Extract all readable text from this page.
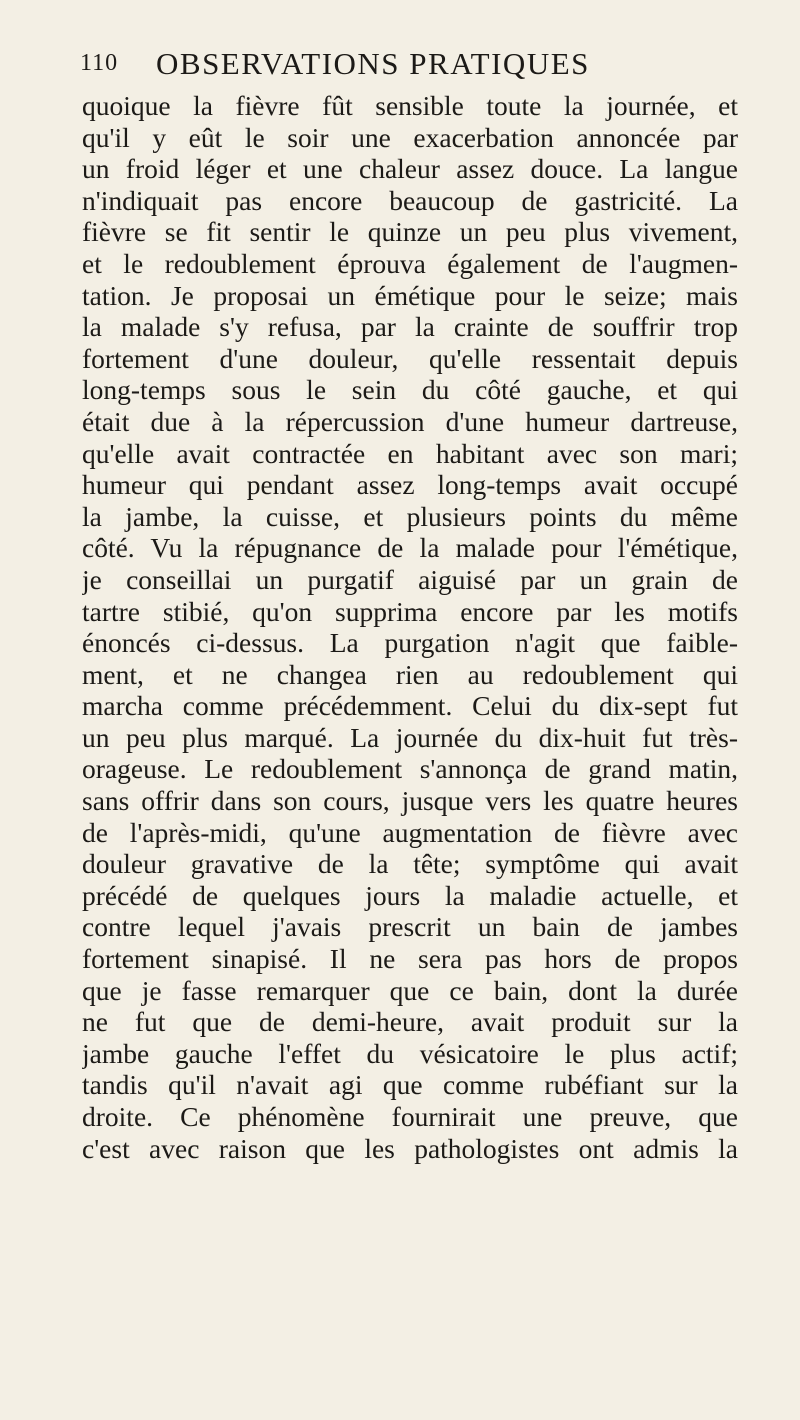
110 OBSERVATIONS PRATIQUES
quoique la fièvre fût sensible toute la journée, et
qu'il y eût le soir une exacerbation annoncée par
un froid léger et une chaleur assez douce. La langue
n'indiquait pas encore beaucoup de gastricité. La
fièvre se fit sentir le quinze un peu plus vivement,
et le redoublement éprouva également de l'augmen-
tation. Je proposai un émétique pour le seize; mais
la malade s'y refusa, par la crainte de souffrir trop
fortement d'une douleur, qu'elle ressentait depuis
long-temps sous le sein du côté gauche, et qui
était due à la répercussion d'une humeur dartreuse,
qu'elle avait contractée en habitant avec son mari;
humeur qui pendant assez long-temps avait occupé
la jambe, la cuisse, et plusieurs points du même
côté. Vu la répugnance de la malade pour l'émétique,
je conseillai un purgatif aiguisé par un grain de
tartre stibié, qu'on supprima encore par les motifs
énoncés ci-dessus. La purgation n'agit que faible-
ment, et ne changea rien au redoublement qui
marcha comme précédemment. Celui du dix-sept fut
un peu plus marqué. La journée du dix-huit fut très-
orageuse. Le redoublement s'annonça de grand matin,
sans offrir dans son cours, jusque vers les quatre heures
de l'après-midi, qu'une augmentation de fièvre avec
douleur gravative de la tête; symptôme qui avait
précédé de quelques jours la maladie actuelle, et
contre lequel j'avais prescrit un bain de jambes
fortement sinapisé. Il ne sera pas hors de propos
que je fasse remarquer que ce bain, dont la durée
ne fut que de demi-heure, avait produit sur la
jambe gauche l'effet du vésicatoire le plus actif;
tandis qu'il n'avait agi que comme rubéfiant sur la
droite. Ce phénomène fournirait une preuve, que
c'est avec raison que les pathologistes ont admis la
